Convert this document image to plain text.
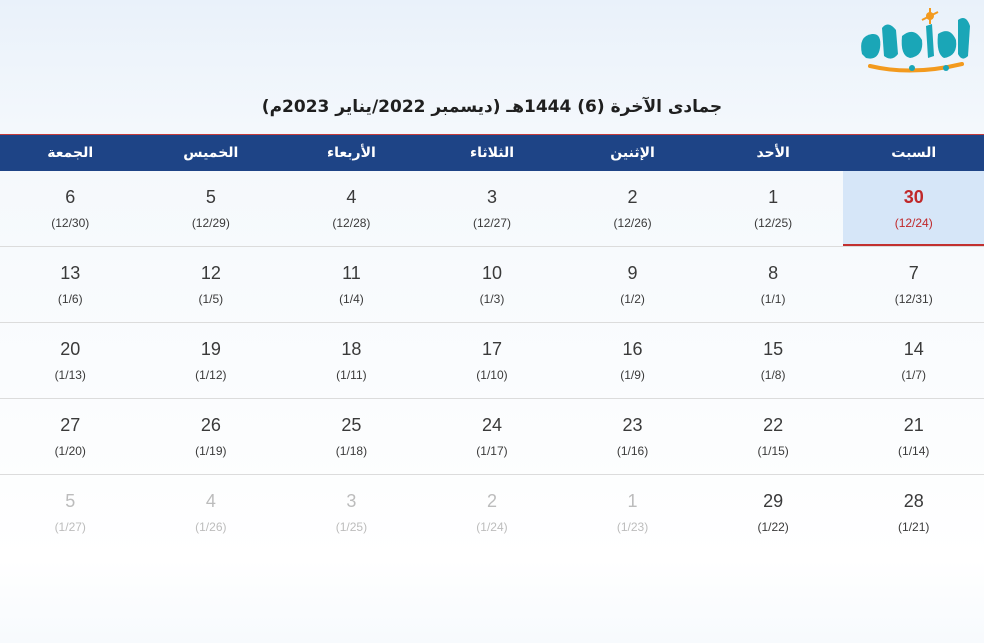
جمادى الآخرة (6) 1444هـ (ديسمبر 2022/يناير 2023م)
السبت
الأحد
الإثنين
الثلاثاء
الأربعاء
الخميس
الجمعة
30
(12/24)
1
(12/25)
2
(12/26)
3
(12/27)
4
(12/28)
5
(12/29)
6
(12/30)
7
(12/31)
8
(1/1)
9
(1/2)
10
(1/3)
11
(1/4)
12
(1/5)
13
(1/6)
14
(1/7)
15
(1/8)
16
(1/9)
17
(1/10)
18
(1/11)
19
(1/12)
20
(1/13)
21
(1/14)
22
(1/15)
23
(1/16)
24
(1/17)
25
(1/18)
26
(1/19)
27
(1/20)
28
(1/21)
29
(1/22)
1
(1/23)
2
(1/24)
3
(1/25)
4
(1/26)
5
(1/27)
